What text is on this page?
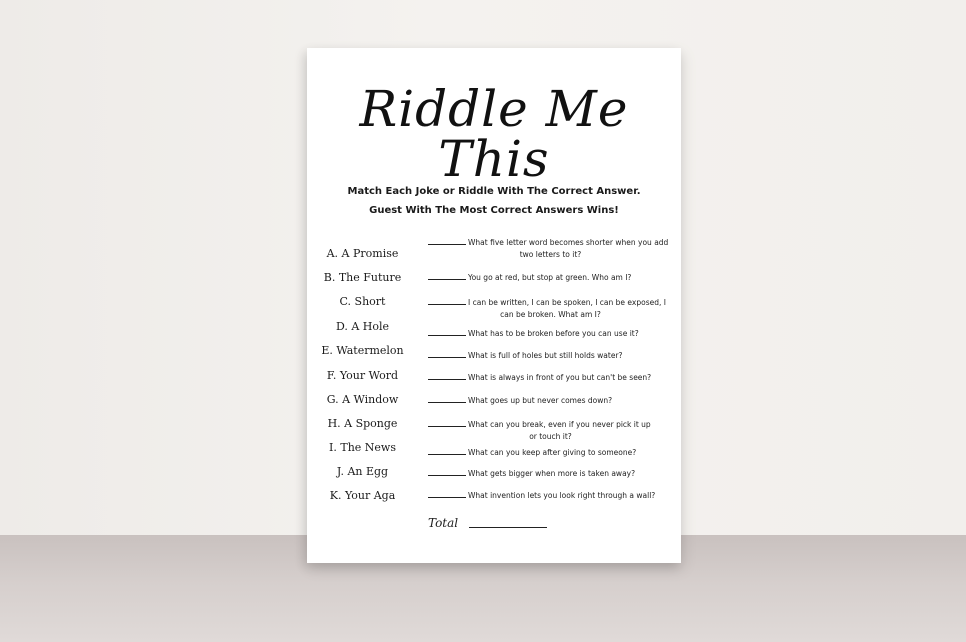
Riddle Me This
Match Each Joke or Riddle With The Correct Answer.
Guest With The Most Correct Answers Wins!
A. A Promise
B. The Future
C. Short
D. A Hole
E. Watermelon
F. Your Word
G. A Window
H. A Sponge
I. The News
J. An Egg
K. Your Aga
What five letter word becomes shorter when you add
two letters to it?
You go at red, but stop at green. Who am I?
I can be written, I can be spoken, I can be exposed, I
can be broken. What am I?
What has to be broken before you can use it?
What is full of holes but still holds water?
What is always in front of you but can't be seen?
What goes up but never comes down?
What can you break, even if you never pick it up
or touch it?
What can you keep after giving to someone?
What gets bigger when more is taken away?
What invention lets you look right through a wall?
Total
